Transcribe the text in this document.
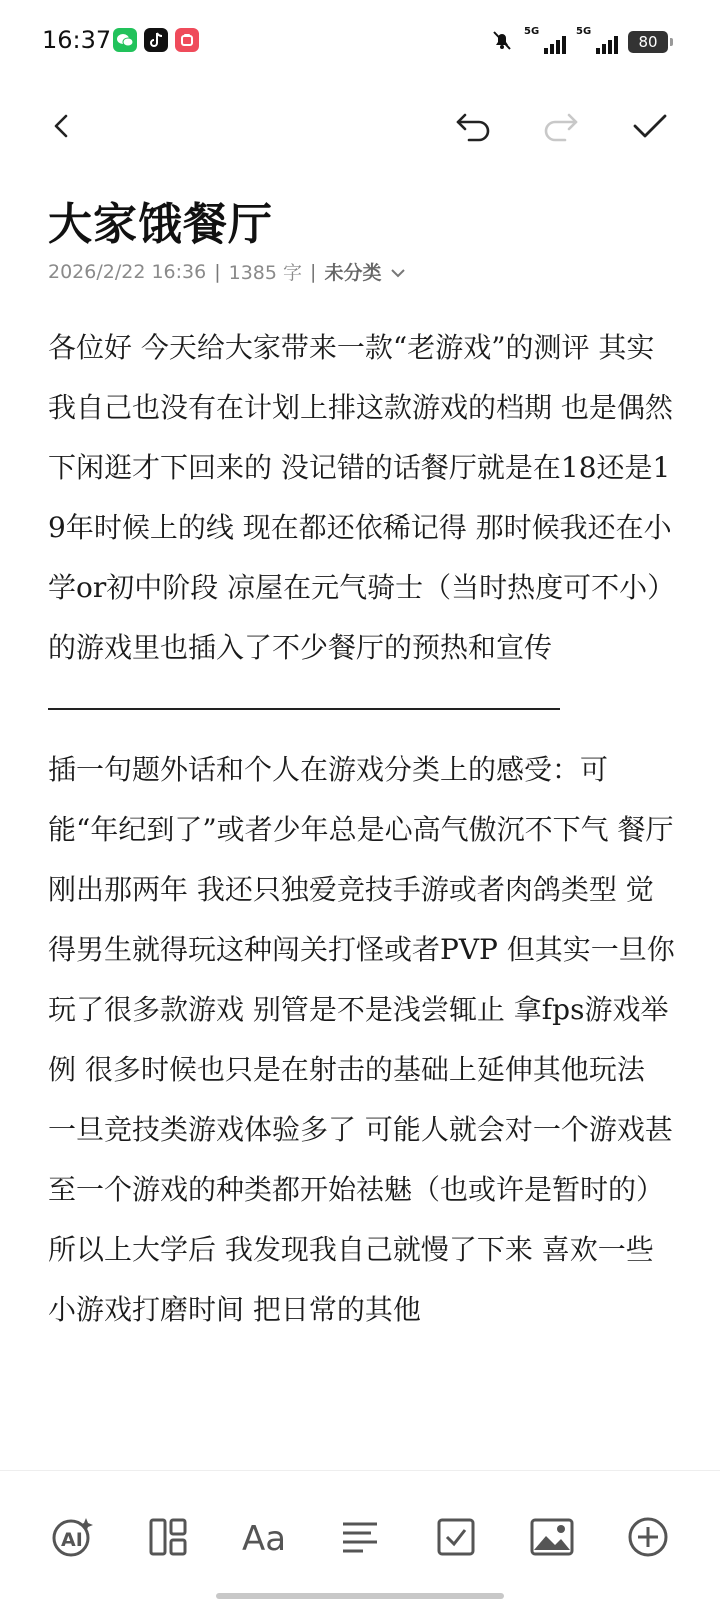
16:37	5G	5G
80
大家饿餐厅
2026/2/22 16:36 | 1385 字 | 未分类

各位好 今天给大家带来一款“老游戏”的测评 其实我自己也没有在计划上排这款游戏的档期 也是偶然下闲逛才下回来的 没记错的话餐厅就是在18还是19年时候上的线 现在都还依稀记得 那时候我还在小学or初中阶段 凉屋在元气骑士（当时热度可不小）的游戏里也插入了不少餐厅的预热和宣传

插一句题外话和个人在游戏分类上的感受：可能“年纪到了”或者少年总是心高气傲沉不下气 餐厅刚出那两年 我还只独爱竞技手游或者肉鸽类型 觉得男生就得玩这种闯关打怪或者PVP 但其实一旦你玩了很多款游戏 别管是不是浅尝辄止 拿fps游戏举例 很多时候也只是在射击的基础上延伸其他玩法 一旦竞技类游戏体验多了 可能人就会对一个游戏甚至一个游戏的种类都开始祛魅（也或许是暂时的）所以上大学后 我发现我自己就慢了下来 喜欢一些小游戏打磨时间 把日常的其他

AI	Aa
